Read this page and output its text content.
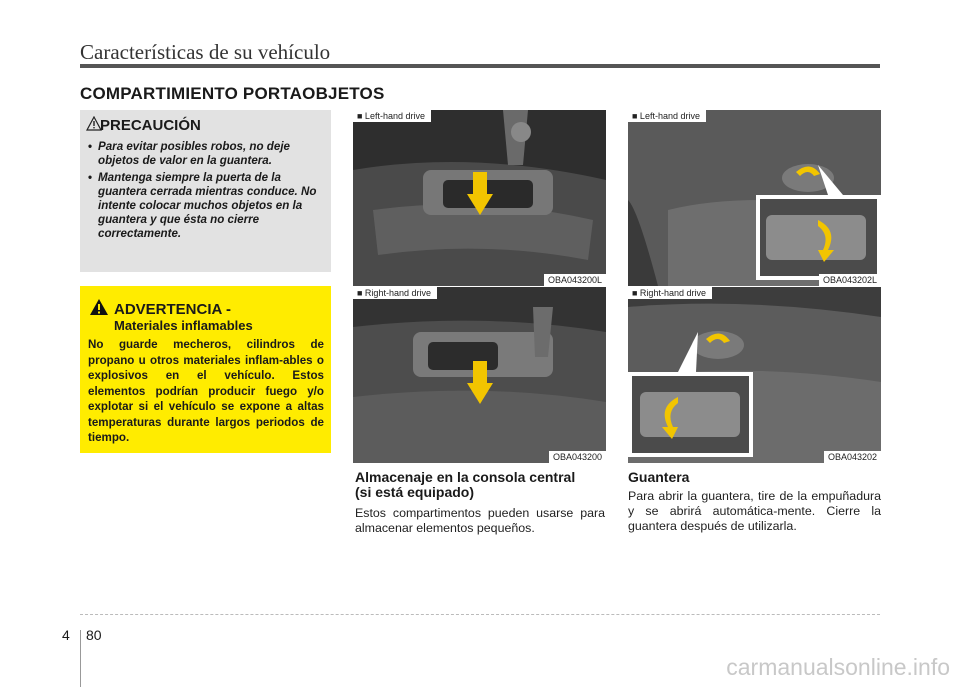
Características de su vehículo
COMPARTIMIENTO PORTAOBJETOS
PRECAUCIÓN
• Para evitar posibles robos, no deje objetos de valor en la guantera.
• Mantenga siempre la puerta de la guantera cerrada mientras conduce. No intente colocar muchos objetos en la guantera y que ésta no cierre correctamente.
ADVERTENCIA -
Materiales inflamables
No guarde mecheros, cilindros de propano u otros materiales inflam-ables o explosivos en el vehículo. Estos elementos podrían producir fuego y/o explotar si el vehículo se expone a altas temperaturas durante largos periodos de tiempo.
■ Left-hand drive
OBA043200L
■ Right-hand drive
OBA043200
■ Left-hand drive
OBA043202L
■ Right-hand drive
OBA043202
Almacenaje en la consola central
(si está equipado)
Estos compartimentos pueden usarse para almacenar elementos pequeños.
Guantera
Para abrir la guantera, tire de la empuñadura y se abrirá automática-mente. Cierre la guantera después de utilizarla.
4 80
carmanualsonline.info
